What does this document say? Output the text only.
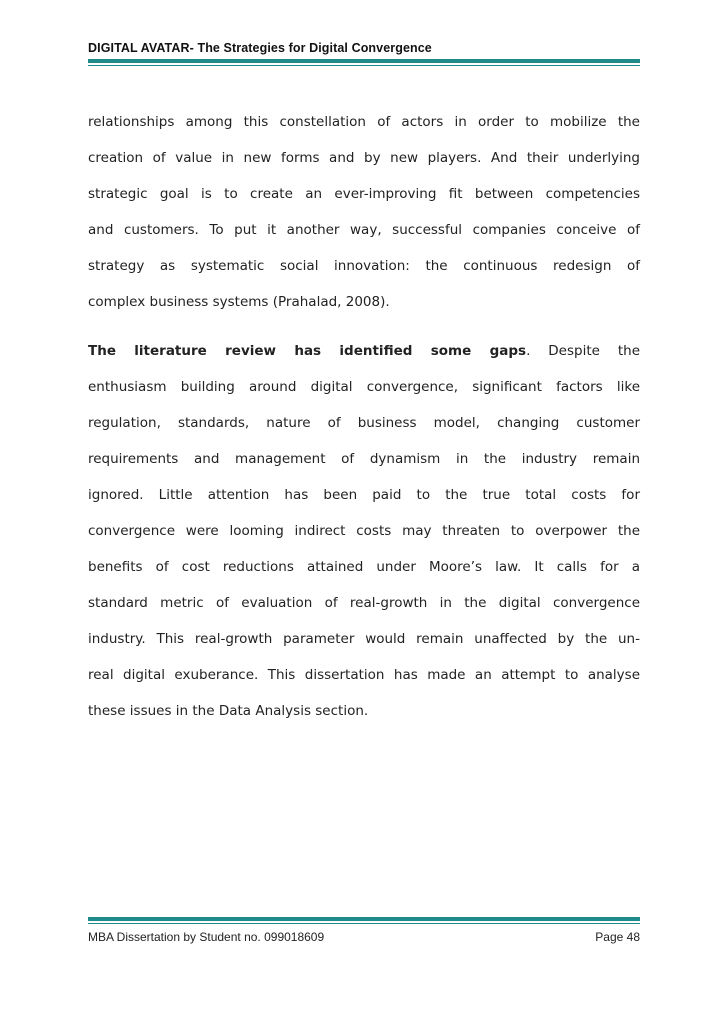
DIGITAL AVATAR- The Strategies for Digital Convergence
relationships among this constellation of actors in order to mobilize the
creation of value in new forms and by new players. And their underlying
strategic goal is to create an ever-improving fit between competencies
and customers. To put it another way, successful companies conceive of
strategy as systematic social innovation: the continuous redesign of
complex business systems (Prahalad, 2008).
The literature review has identified some gaps. Despite the
enthusiasm building around digital convergence, significant factors like
regulation, standards, nature of business model, changing customer
requirements and management of dynamism in the industry remain
ignored. Little attention has been paid to the true total costs for
convergence were looming indirect costs may threaten to overpower the
benefits of cost reductions attained under Moore’s law. It calls for a
standard metric of evaluation of real-growth in the digital convergence
industry. This real-growth parameter would remain unaffected by the un-
real digital exuberance. This dissertation has made an attempt to analyse
these issues in the Data Analysis section.
MBA Dissertation by Student no. 099018609	Page 48
